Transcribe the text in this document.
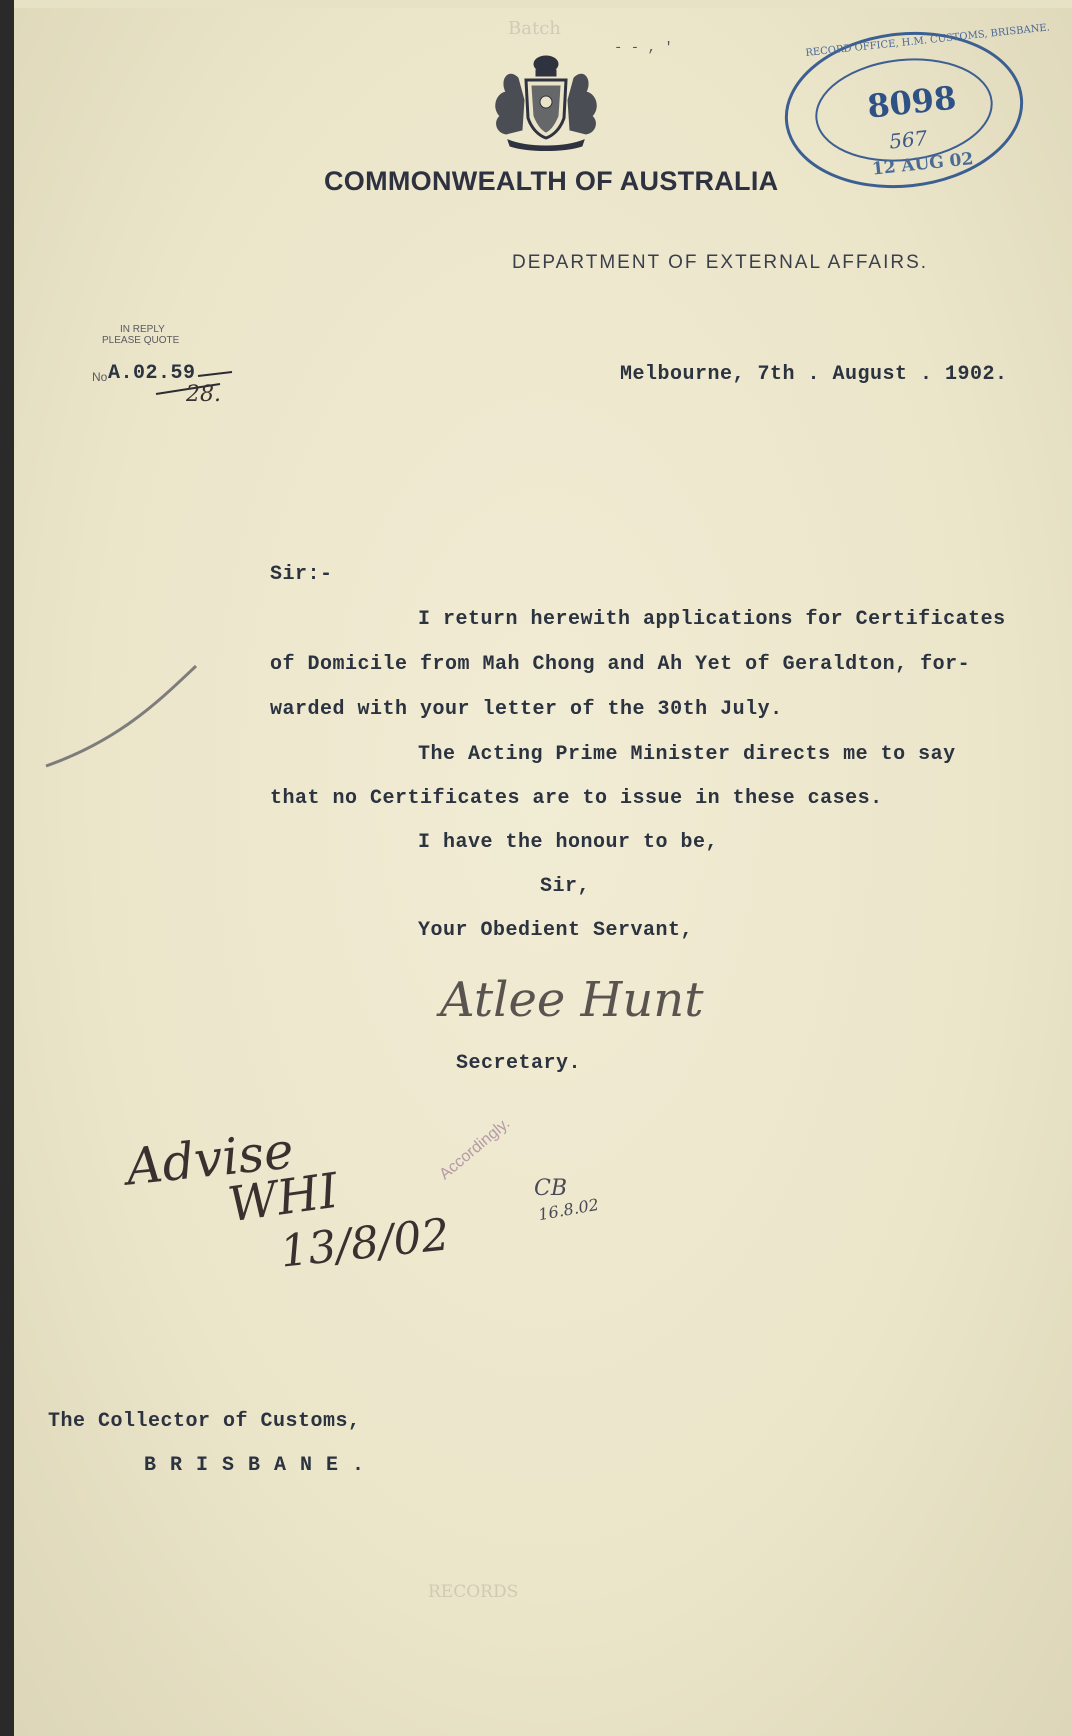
Batch
- - , '
COMMONWEALTH OF AUSTRALIA
DEPARTMENT OF EXTERNAL AFFAIRS.
RECORD OFFICE, H.M. CUSTOMS, BRISBANE.
8098
567
12 AUG 02
IN REPLY
PLEASE QUOTE
No A.02.59
28.
Melbourne, 7th . August . 1902.
Sir:-
I return herewith applications for Certificates
of Domicile from Mah Chong and Ah Yet of Geraldton, for-
warded with your letter of the 30th July.
The Acting Prime Minister directs me to say
that no Certificates are to issue in these cases.
I have the honour to be,
Sir,
Your Obedient Servant,
Atlee Hunt
Secretary.
Advise
WHI
13/8/02
Accordingly.
CB
16.8.02
The Collector of Customs,
B R I S B A N E .
RECORDS
